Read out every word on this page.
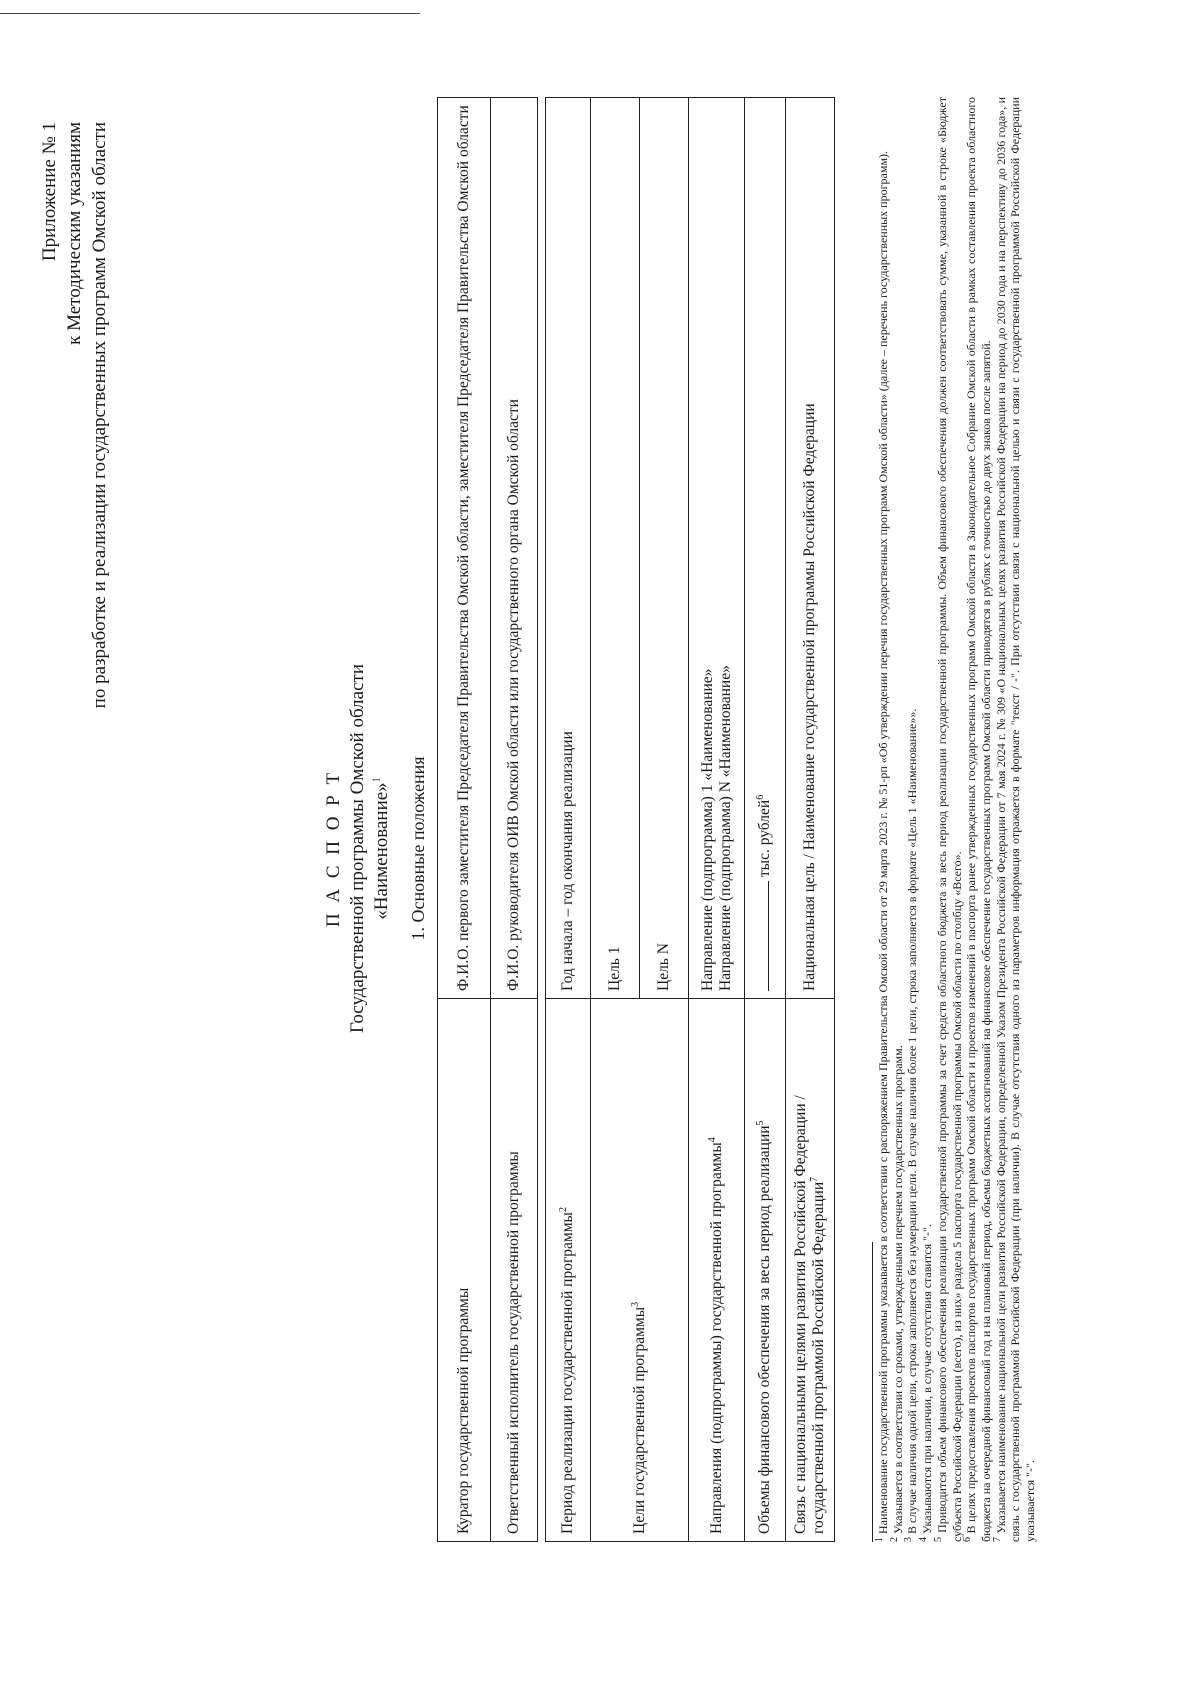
Приложение № 1 к Методическим указаниям по разработке и реализации государственных программ Омской области
П А С П О Р Т Государственной программы Омской области «Наименование»$^1$	1. Основные положения
Куратор государственной программы	Ф.И.О. первого заместителя Председателя Правительства Омской области, заместителя Председателя Правительства Омской области
Ответственный исполнитель государственной программы	Ф.И.О. руководителя ОИВ Омской области или государственного органа Омской области
Период реализации государственной программы$^2$	Год начала – год окончания реализации
Цели государственной программы$^3$	Цель 1
	Цель N
Направления (подпрограммы) государственной программы$^4$	Направление (подпрограмма) 1 «Наименование» Направление (подпрограмма) N «Наименование»

Объемы финансового обеспечения за весь период реализации$^5$	тыс. рублей$^6$
Связь с национальными целями развития Российской Федерации / государственной программой Российской Федерации$^7$	Национальная цель / Наименование государственной программы Российской Федерации

$^1$ Наименование государственной программы указывается в соответствии с распоряжением Правительства Омской области от 29 марта 2023 г. № 51-рп «Об утверждении перечня государственных программ Омской области» (далее – перечень государственных программ).

$^2$ Указывается в соответствии со сроками, утвержденными перечнем государственных программ.

$^3$ В случае наличия одной цели, строка заполняется без нумерации цели. В случае наличия более 1 цели, строка заполняется в формате «Цель 1 «Наименование»».

$^4$ Указываются при наличии, в случае отсутствия ставится "-".

$^5$ Приводится объем финансового обеспечения реализации государственной программы за счет средств областного бюджета за весь период реализации государственной программы. Объем финансового обеспечения должен соответствовать сумме, указанной в строке «Бюджет субъекта Российской Федерации (всего), из них» раздела 5 паспорта государственной программы Омской области по столбцу «Всего».

$^6$ В целях предоставления проектов паспортов государственных программ Омской области и проектов изменений в паспорта ранее утвержденных государственных программ Омской области в Законодательное Собрание Омской области в рамках составления проекта областного бюджета на очередной финансовый год и на плановый период, объемы бюджетных ассигнований на финансовое обеспечение государственных программ Омской области приводятся в рублях с точностью до двух знаков после запятой.

$^7$ Указывается наименование национальной цели развития Российской Федерации, определенной Указом Президента Российской Федерации от 7 мая 2024 г. № 309 «О национальных целях развития Российской Федерации на период до 2030 года и на перспективу до 2036 года», и связь с государственной программой Российской Федерации (при наличии). В случае отсутствия одного из параметров информация отражается в формате "текст / -". При отсутствии связи с национальной целью и связи с государственной программой Российской Федерации указывается "-".
